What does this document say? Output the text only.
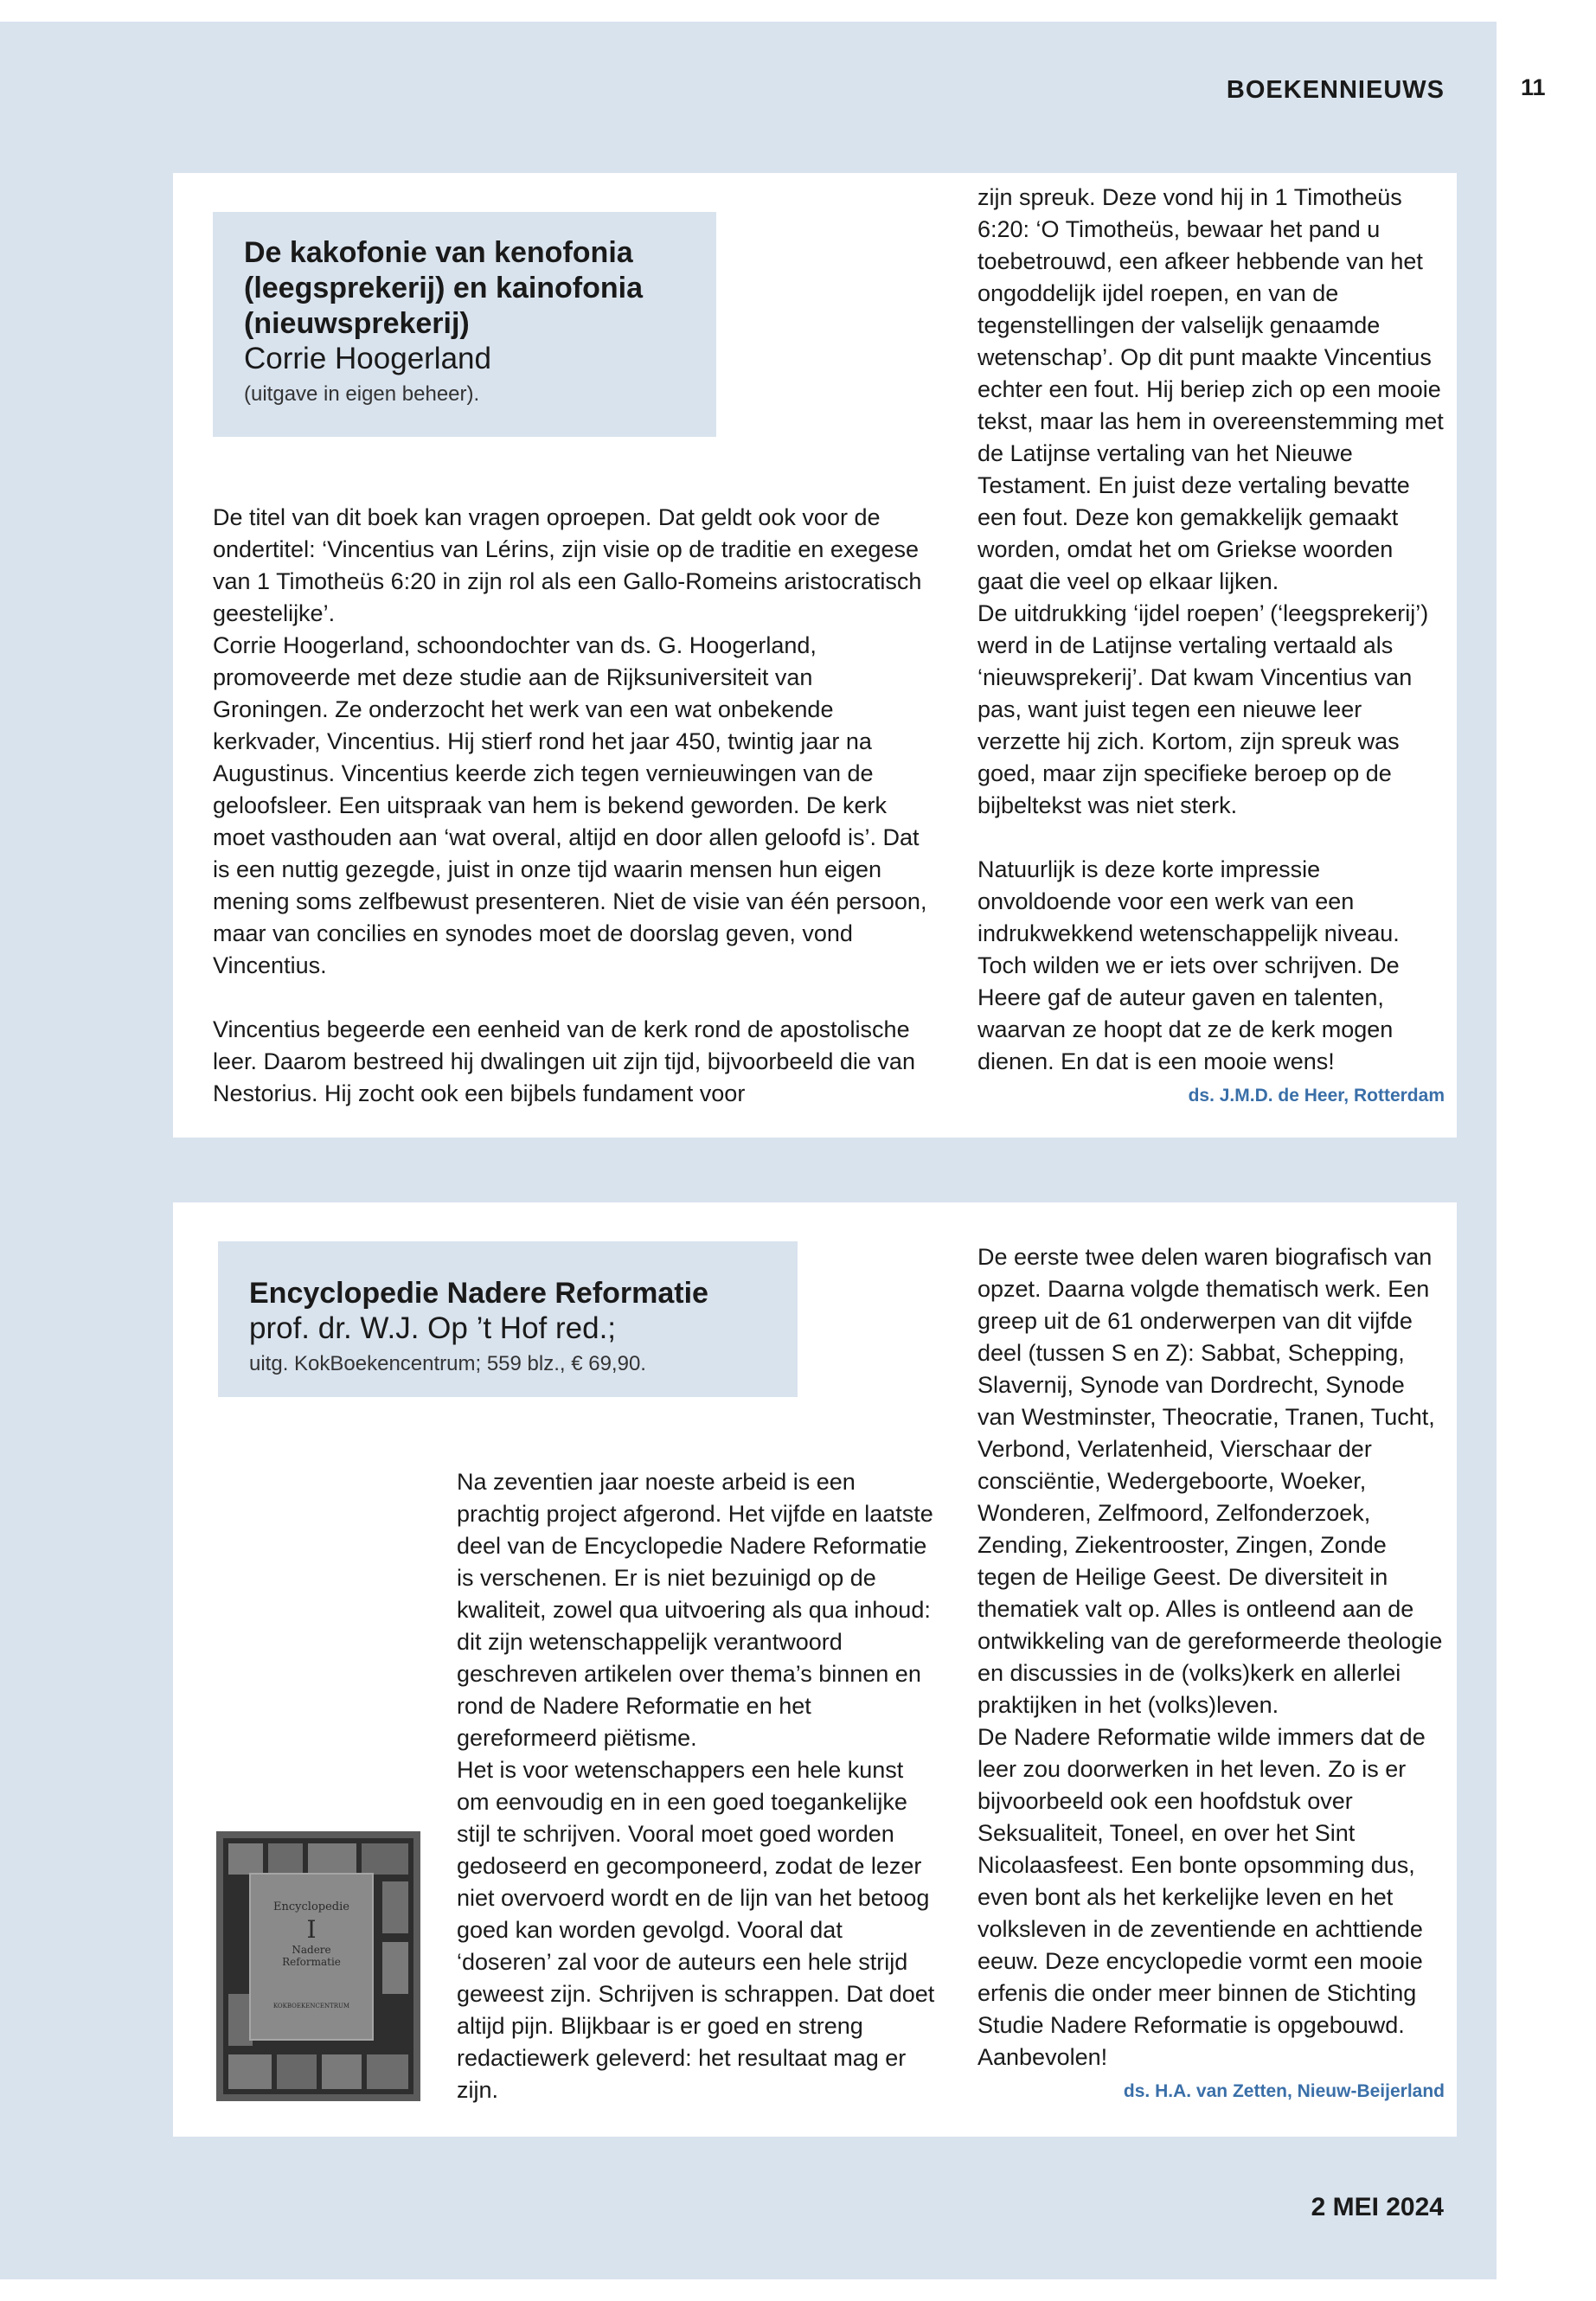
BOEKENNIEUWS	11

De kakofonie van kenofonia
(leegsprekerij) en kainofonia
(nieuwsprekerij)

Corrie Hoogerland

(uitgave in eigen beheer).

De titel van dit boek kan vragen oproepen. Dat geldt ook voor de ondertitel: ‘Vincentius van Lérins, zijn visie op de traditie en exegese van 1 Timotheüs 6:20 in zijn rol als een Gallo-Romeins aristocratisch geestelijke’.

Corrie Hoogerland, schoondochter van ds. G. Hoogerland, promoveerde met deze studie aan de Rijksuniversiteit van Groningen. Ze onderzocht het werk van een wat onbekende kerkvader, Vincentius. Hij stierf rond het jaar 450, twintig jaar na Augustinus. Vincentius keerde zich tegen vernieuwingen van de geloofsleer. Een uitspraak van hem is bekend geworden. De kerk moet vasthouden aan ‘wat overal, altijd en door allen geloofd is’. Dat is een nuttig gezegde, juist in onze tijd waarin mensen hun eigen mening soms zelfbewust presenteren. Niet de visie van één persoon, maar van concilies en synodes moet de doorslag geven, vond Vincentius.

Vincentius begeerde een eenheid van de kerk rond de apostolische leer. Daarom bestreed hij dwalingen uit zijn tijd, bijvoorbeeld die van Nestorius. Hij zocht ook een bijbels fundament voor

zijn spreuk. Deze vond hij in 1 Timotheüs 6:20: ‘O Timotheüs, bewaar het pand u toebetrouwd, een afkeer hebbende van het ongoddelijk ijdel roepen, en van de tegenstellingen der valselijk genaamde wetenschap’. Op dit punt maakte Vincentius echter een fout. Hij beriep zich op een mooie tekst, maar las hem in overeenstemming met de Latijnse vertaling van het Nieuwe Testament. En juist deze vertaling bevatte een fout. Deze kon gemakkelijk gemaakt worden, omdat het om Griekse woorden gaat die veel op elkaar lijken.

De uitdrukking ‘ijdel roepen’ (‘leegsprekerij’) werd in de Latijnse vertaling vertaald als ‘nieuwsprekerij’. Dat kwam Vincentius van pas, want juist tegen een nieuwe leer verzette hij zich. Kortom, zijn spreuk was goed, maar zijn specifieke beroep op de bijbeltekst was niet sterk.

Natuurlijk is deze korte impressie onvoldoende voor een werk van een indrukwekkend wetenschappelijk niveau. Toch wilden we er iets over schrijven. De Heere gaf de auteur gaven en talenten, waarvan ze hoopt dat ze de kerk mogen dienen. En dat is een mooie wens!

ds. J.M.D. de Heer, Rotterdam

Encyclopedie Nadere Reformatie

prof. dr. W.J. Op ’t Hof red.;

uitg. KokBoekencentrum; 559 blz., € 69,90.

Encyclopedie
I
Nadere
Reformatie
KOKBOEKENCENTRUM

Na zeventien jaar noeste arbeid is een prachtig project afgerond. Het vijfde en laatste deel van de Encyclopedie Nadere Reformatie is verschenen. Er is niet bezuinigd op de kwaliteit, zowel qua uitvoering als qua inhoud: dit zijn wetenschappelijk verantwoord geschreven artikelen over thema’s binnen en rond de Nadere Reformatie en het gereformeerd piëtisme.

Het is voor wetenschappers een hele kunst om eenvoudig en in een goed toegankelijke stijl te schrijven. Vooral moet goed worden gedoseerd en gecomponeerd, zodat de lezer niet overvoerd wordt en de lijn van het betoog goed kan worden gevolgd. Vooral dat ‘doseren’ zal voor de auteurs een hele strijd geweest zijn. Schrijven is schrappen. Dat doet altijd pijn. Blijkbaar is er goed en streng redactiewerk geleverd: het resultaat mag er zijn.

De eerste twee delen waren biografisch van opzet. Daarna volgde thematisch werk. Een greep uit de 61 onderwerpen van dit vijfde deel (tussen S en Z): Sabbat, Schepping, Slavernij, Synode van Dordrecht, Synode van Westminster, Theocratie, Tranen, Tucht, Verbond, Verlatenheid, Vierschaar der consciëntie, Wedergeboorte, Woeker, Wonderen, Zelfmoord, Zelfonderzoek, Zending, Ziekentrooster, Zingen, Zonde tegen de Heilige Geest. De diversiteit in thematiek valt op. Alles is ontleend aan de ontwikkeling van de gereformeerde theologie en discussies in de (volks)kerk en allerlei praktijken in het (volks)leven.

De Nadere Reformatie wilde immers dat de leer zou doorwerken in het leven. Zo is er bijvoorbeeld ook een hoofdstuk over Seksualiteit, Toneel, en over het Sint Nicolaasfeest. Een bonte opsomming dus, even bont als het kerkelijke leven en het volksleven in de zeventiende en achttiende eeuw. Deze encyclopedie vormt een mooie erfenis die onder meer binnen de Stichting Studie Nadere Reformatie is opgebouwd. Aanbevolen!

ds. H.A. van Zetten, Nieuw-Beijerland
2 MEI 2024
